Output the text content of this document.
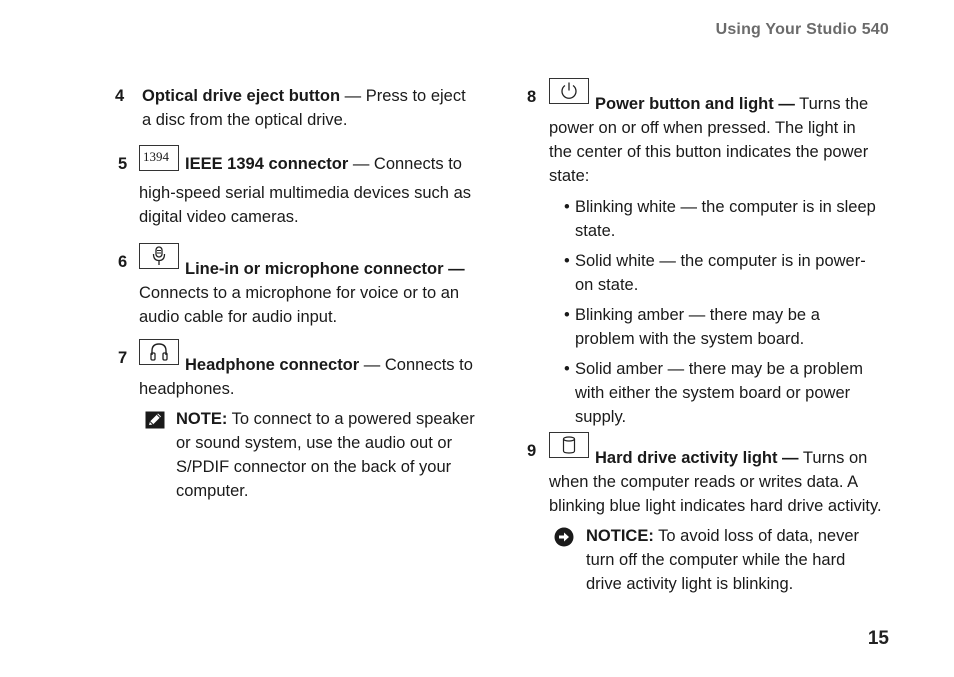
Using Your Studio 540
4 Optical drive eject button — Press to eject a disc from the optical drive.
5 1394 IEEE 1394 connector — Connects to high-speed serial multimedia devices such as digital video cameras.
6	Line-in or microphone connector — Connects to a microphone for voice or to an audio cable for audio input.
7	Headphone connector — Connects to headphones.
NOTE: To connect to a powered speaker or sound system, use the audio out or S/PDIF connector on the back of your computer.
8	Power button and light — Turns the power on or off when pressed. The light in the center of this button indicates the power state:
• Blinking white — the computer is in sleep state.
• Solid white — the computer is in power-on state.
• Blinking amber — there may be a problem with the system board.
• Solid amber — there may be a problem with either the system board or power supply.
9	Hard drive activity light — Turns on when the computer reads or writes data. A blinking blue light indicates hard drive activity.
NOTICE: To avoid loss of data, never turn off the computer while the hard drive activity light is blinking.
15
